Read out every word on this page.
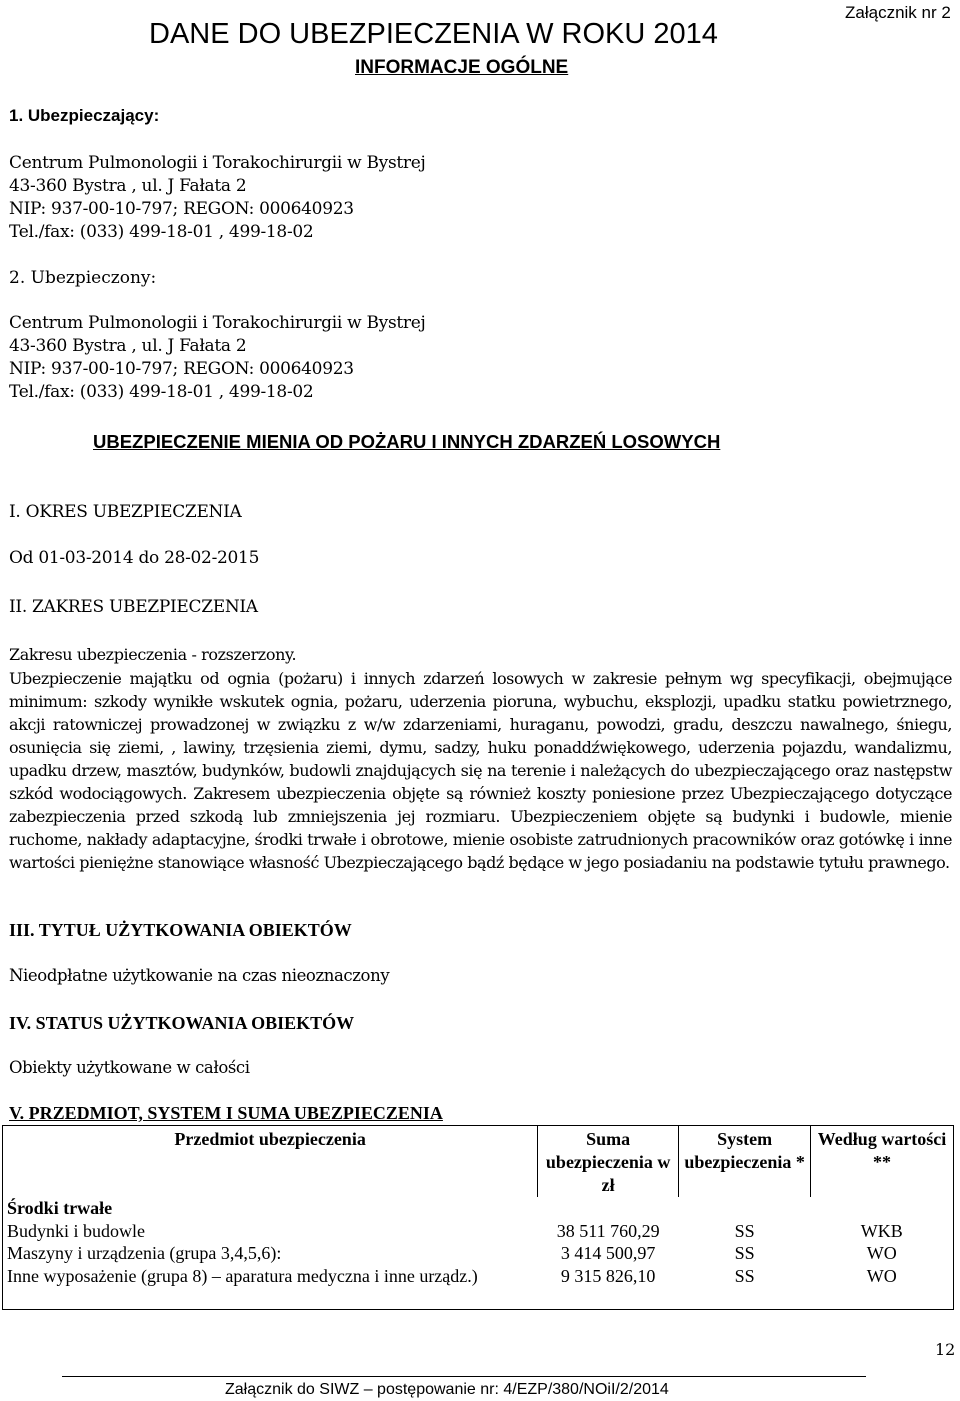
DANE DO UBEZPIECZENIA W ROKU 2014
INFORMACJE OGÓLNE
Załącznik nr 2
1. Ubezpieczający:
Centrum Pulmonologii i Torakochirurgii w Bystrej
43-360 Bystra , ul. J Fałata 2
NIP: 937-00-10-797; REGON: 000640923
Tel./fax: (033) 499-18-01 , 499-18-02
2. Ubezpieczony:
Centrum Pulmonologii i Torakochirurgii w Bystrej
43-360 Bystra , ul. J Fałata 2
NIP: 937-00-10-797; REGON: 000640923
Tel./fax: (033) 499-18-01 , 499-18-02
UBEZPIECZENIE MIENIA OD POŻARU I INNYCH ZDARZEŃ LOSOWYCH
I. OKRES UBEZPIECZENIA
Od 01-03-2014 do 28-02-2015
II. ZAKRES UBEZPIECZENIA
Zakresu ubezpieczenia - rozszerzony.
Ubezpieczenie majątku od ognia (pożaru) i innych zdarzeń losowych w zakresie pełnym wg specyfikacji, obejmujące minimum: szkody wynikłe wskutek ognia, pożaru, uderzenia pioruna, wybuchu, eksplozji, upadku statku powietrznego, akcji ratowniczej prowadzonej w związku z w/w zdarzeniami, huraganu, powodzi, gradu, deszczu nawalnego, śniegu, osunięcia się ziemi, , lawiny, trzęsienia ziemi, dymu, sadzy, huku ponaddźwiękowego, uderzenia pojazdu, wandalizmu, upadku drzew, masztów, budynków, budowli znajdujących się na terenie i należących do ubezpieczającego oraz następstw szkód wodociągowych. Zakresem ubezpieczenia objęte są również koszty poniesione przez Ubezpieczającego dotyczące zabezpieczenia przed szkodą lub zmniejszenia jej rozmiaru. Ubezpieczeniem objęte są budynki i budowle, mienie ruchome, nakłady adaptacyjne, środki trwałe i obrotowe, mienie osobiste zatrudnionych pracowników oraz gotówkę i inne wartości pieniężne stanowiące własność Ubezpieczającego bądź będące w jego posiadaniu na podstawie tytułu prawnego.
III. TYTUŁ UŻYTKOWANIA OBIEKTÓW
Nieodpłatne użytkowanie na czas nieoznaczony
IV. STATUS UŻYTKOWANIA OBIEKTÓW
Obiekty użytkowane w całości
V. PRZEDMIOT, SYSTEM I SUMA UBEZPIECZENIA
Przedmiot ubezpieczenia	Suma ubezpieczenia w zł	System ubezpieczenia *	Według wartości **
Środki trwałe			
Budynki i budowle	38 511 760,29	SS	WKB
Maszyny i urządzenia (grupa 3,4,5,6):	3 414 500,97	SS	WO
Inne wyposażenie (grupa 8) – aparatura medyczna i inne urządz.)	9 315 826,10	SS	WO

12
Załącznik do SIWZ – postępowanie nr: 4/EZP/380/NOiI/2/2014
